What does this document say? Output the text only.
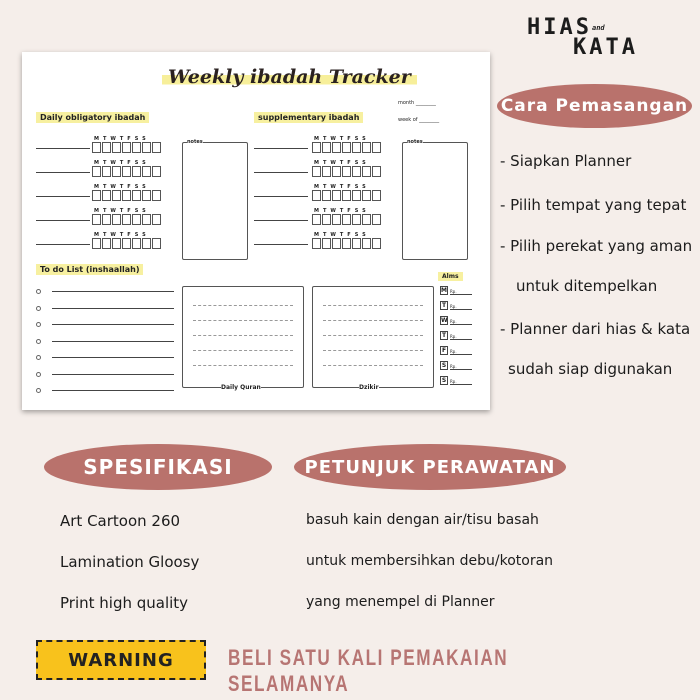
HIASand
KATA
Weekly ibadah Tracker
month ________
week of ________
Daily obligatory ibadah	supplementary ibadah
notes	notes
To do List (inshaallah)
Daily Quran	Dzikir
Alms
MTWTFSS
MTWTFSS
MTWTFSS
MTWTFSS
MTWTFSS
MTWTFSS
MTWTFSS
MTWTFSS
MTWTFSS
MTWTFSS
M Rp.
T Rp.
W Rp.
T Rp.
F Rp.
S Rp.
S Rp.
Cara Pemasangan
SPESIFIKASI	PETUNJUK PERAWATAN
WARNING	BELI SATU KALI PEMAKAIAN SELAMANYA
- Siapkan Planner
- Pilih tempat yang tepat
- Pilih perekat yang aman
untuk ditempelkan
- Planner dari hias & kata
sudah siap digunakan
Art Cartoon 260
Lamination Gloosy
Print high quality
basuh kain dengan air/tisu basah
untuk membersihkan debu/kotoran
yang menempel di Planner
